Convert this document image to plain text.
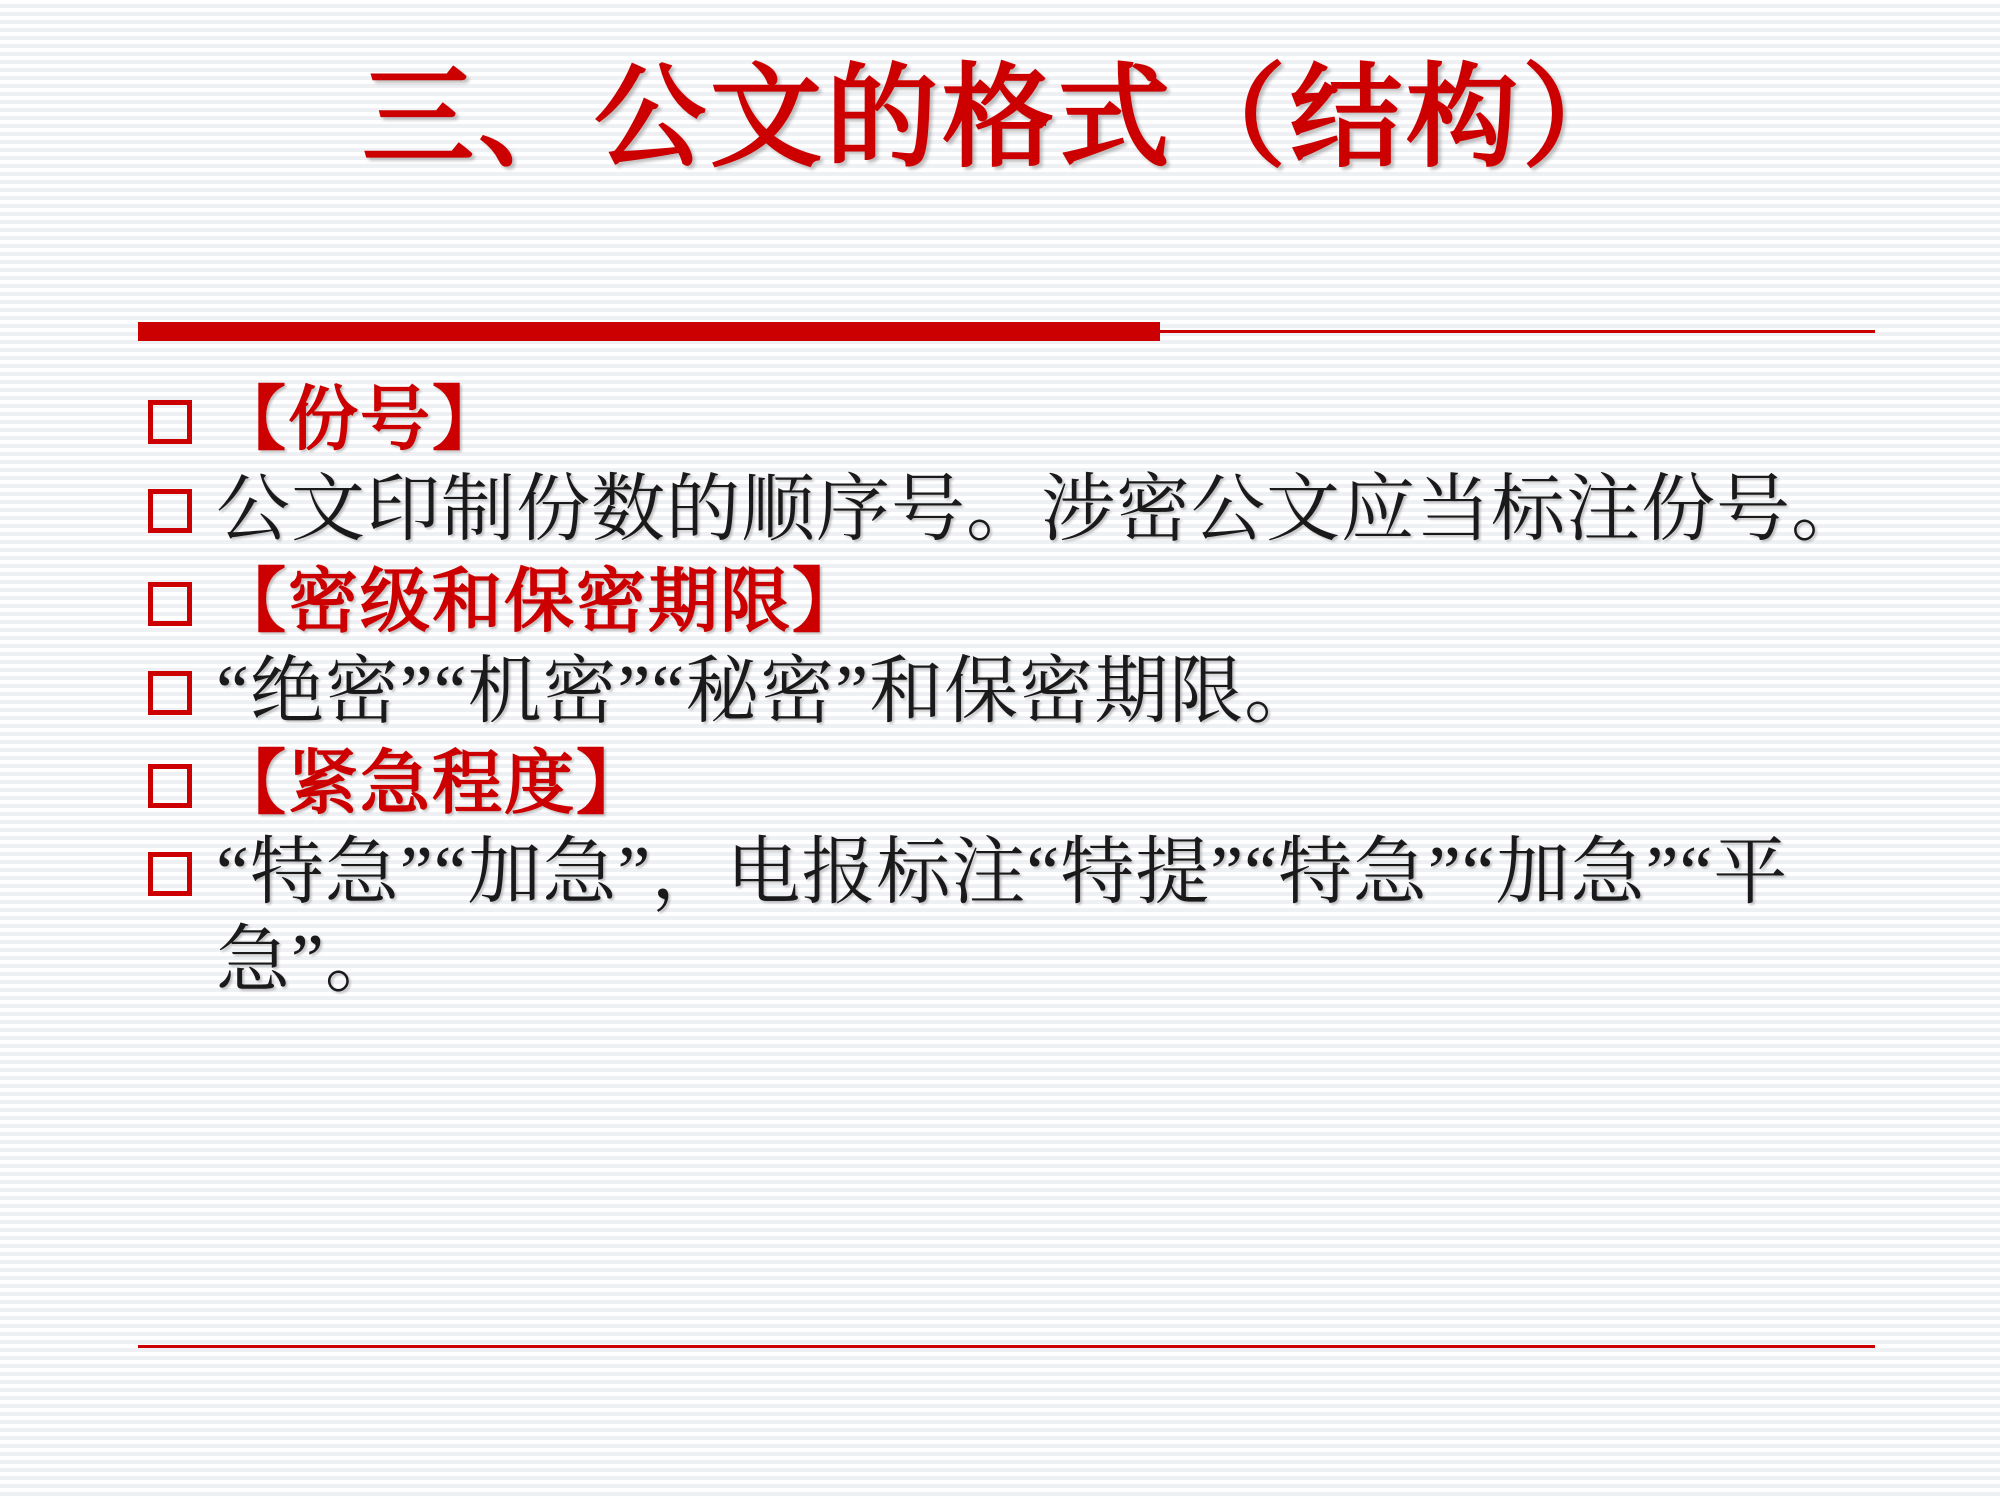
三、公文的格式（结构）
【份号】
公文印制份数的顺序号。涉密公文应当标注份号。
【密级和保密期限】
“绝密”“机密”“秘密”和保密期限。
【紧急程度】
“特急”“加急”，电报标注“特提”“特急”“加急”“平急”。
